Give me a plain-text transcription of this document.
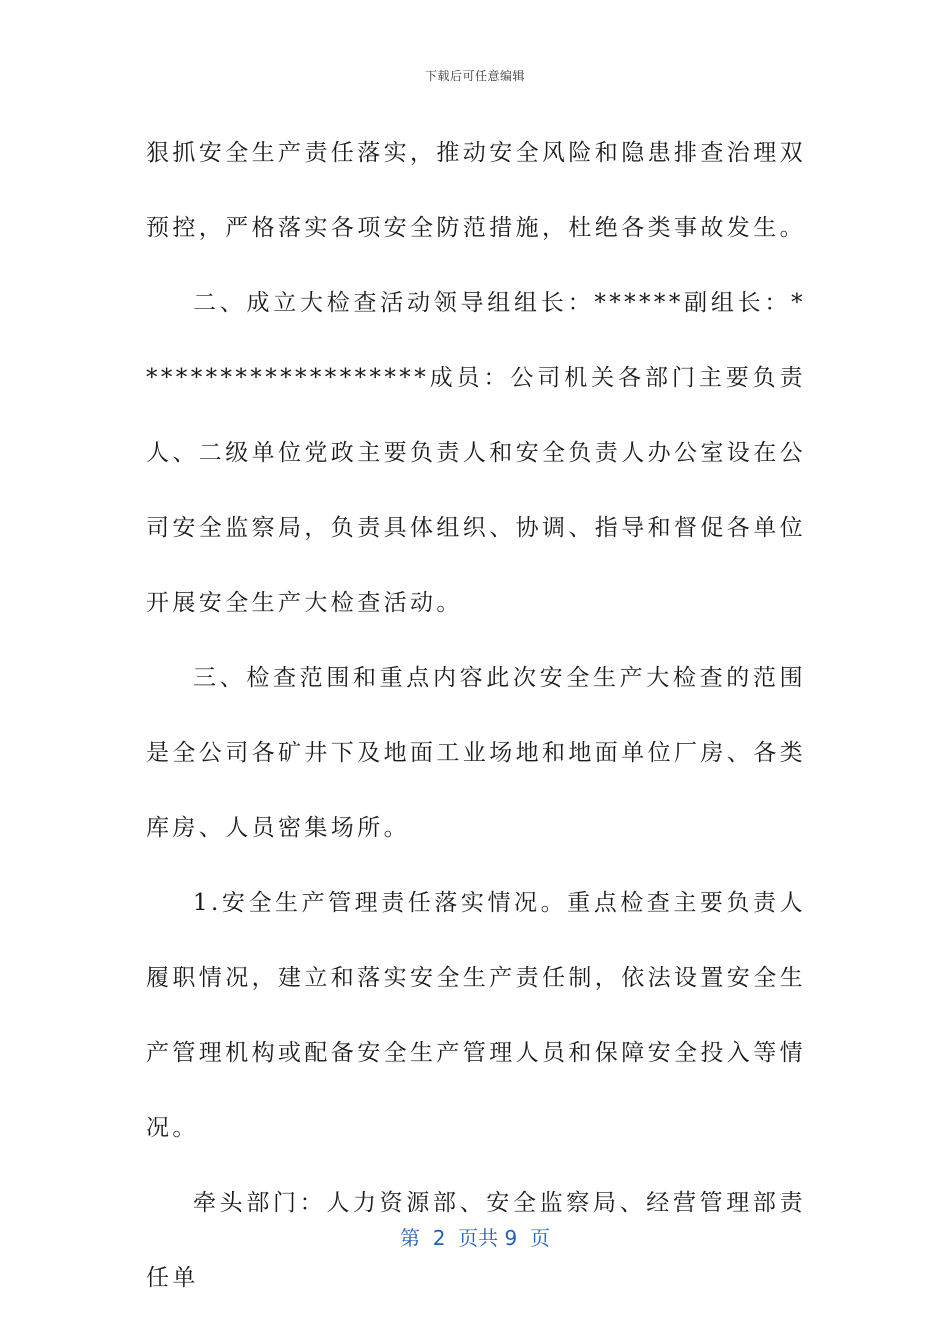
下载后可任意编辑

狠抓安全生产责任落实，推动安全风险和隐患排查治理双预控，严格落实各项安全防范措施，杜绝各类事故发生。

二、成立大检查活动领导组组长：******副组长：********************成员：公司机关各部门主要负责人、二级单位党政主要负责人和安全负责人办公室设在公司安全监察局，负责具体组织、协调、指导和督促各单位开展安全生产大检查活动。

三、检查范围和重点内容此次安全生产大检查的范围是全公司各矿井下及地面工业场地和地面单位厂房、各类库房、人员密集场所。

1.安全生产管理责任落实情况。重点检查主要负责人履职情况，建立和落实安全生产责任制，依法设置安全生产管理机构或配备安全生产管理人员和保障安全投入等情况。

牵头部门：人力资源部、安全监察局、经营管理部责任单

第  2  页共 9  页
